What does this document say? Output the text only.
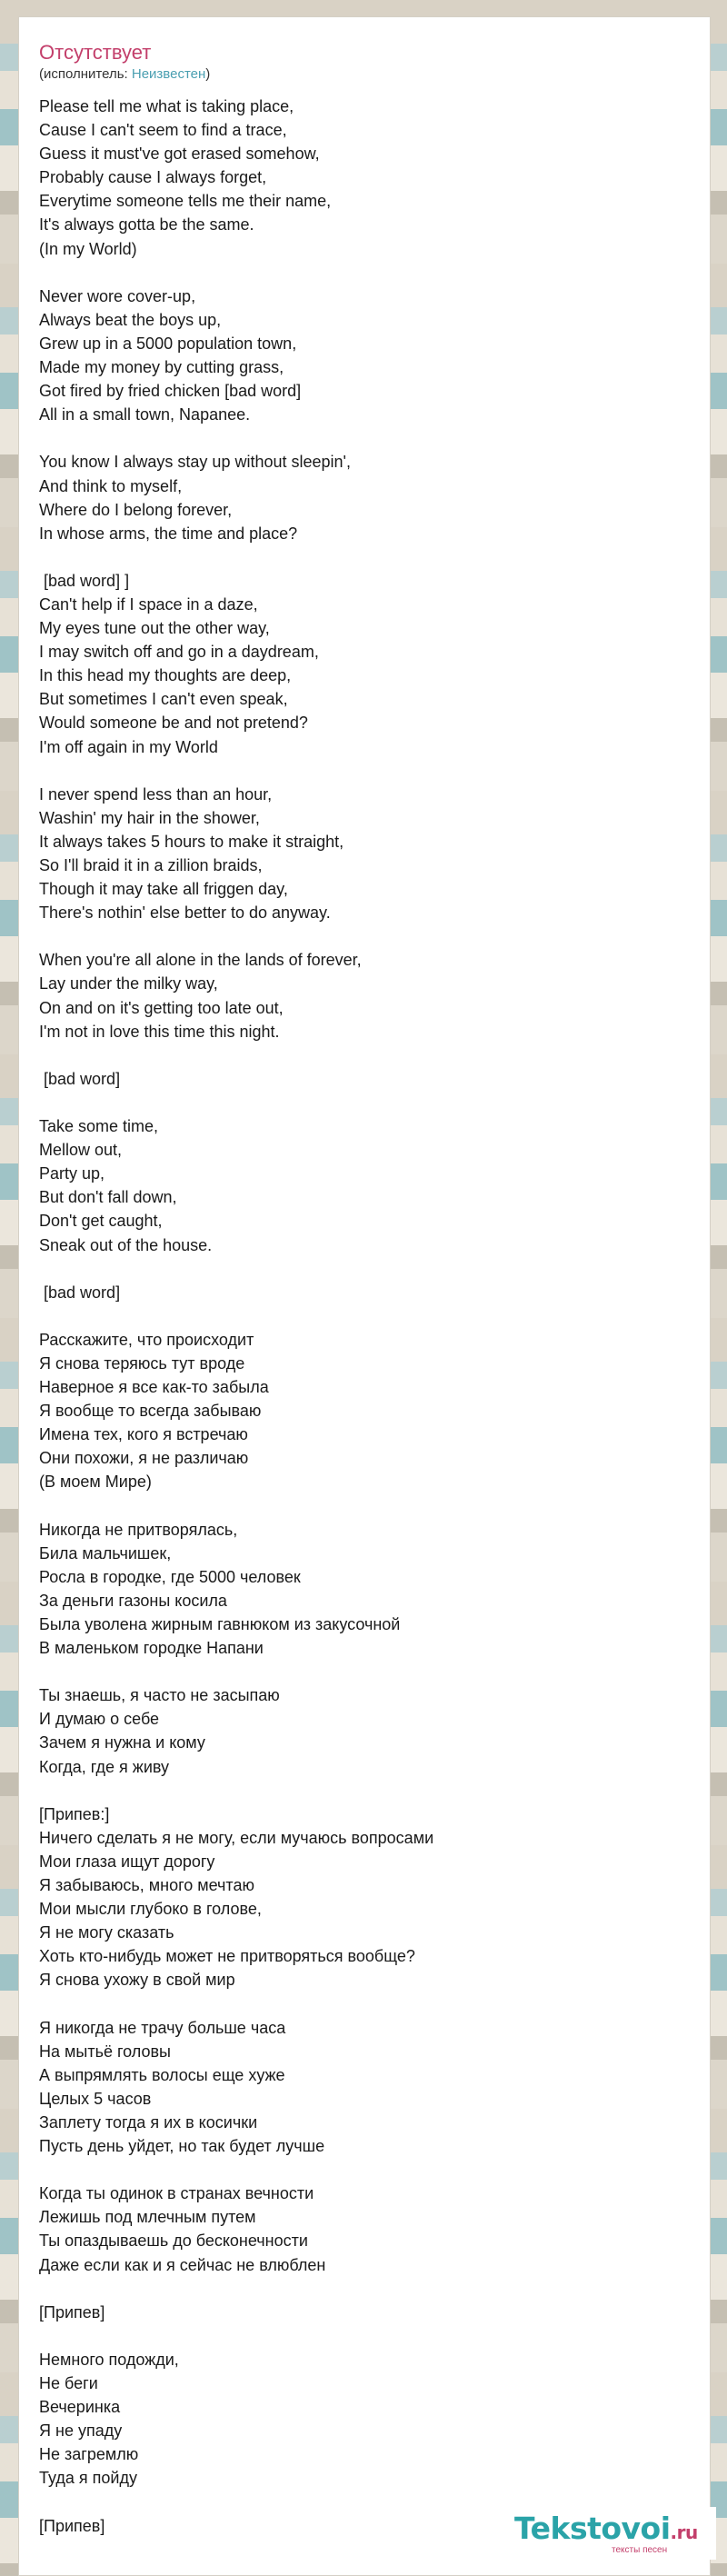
Отсутствует
(исполнитель: Неизвестен)
Please tell me what is taking place,
Cause I can't seem to find a trace,
Guess it must've got erased somehow,
Probably cause I always forget,
Everytime someone tells me their name,
It's always gotta be the same.
(In my World)

Never wore cover-up,
Always beat the boys up,
Grew up in a 5000 population town,
Made my money by cutting grass,
Got fired by fried chicken [bad word]
All in a small town, Napanee.

You know I always stay up without sleepin',
And think to myself,
Where do I belong forever,
In whose arms, the time and place?

[bad word] ]
Can't help if I space in a daze,
My eyes tune out the other way,
I may switch off and go in a daydream,
In this head my thoughts are deep,
But sometimes I can't even speak,
Would someone be and not pretend?
I'm off again in my World

I never spend less than an hour,
Washin' my hair in the shower,
It always takes 5 hours to make it straight,
So I'll braid it in a zillion braids,
Though it may take all friggen day,
There's nothin' else better to do anyway.

When you're all alone in the lands of forever,
Lay under the milky way,
On and on it's getting too late out,
I'm not in love this time this night.

[bad word]

Take some time,
Mellow out,
Party up,
But don't fall down,
Don't get caught,
Sneak out of the house.

[bad word]

Расскажите, что происходит
Я снова теряюсь тут вроде
Наверное я все как-то забыла
Я вообще то всегда забываю
Имена тех, кого я встречаю
Они похожи, я не различаю
(В моем Мире)

Никогда не притворялась,
Била мальчишек,
Росла в городке, где 5000 человек
За деньги газоны косила
Была уволена жирным гавнюком из закусочной
В маленьком городке Напани

Ты знаешь, я часто не засыпаю
И думаю о себе
Зачем я нужна и кому
Когда, где я живу

[Припев:]
Ничего сделать я не могу, если мучаюсь вопросами
Мои глаза ищут дорогу
Я забываюсь, много мечтаю
Мои мысли глубоко в голове,
Я не могу сказать
Хоть кто-нибудь может не притворяться вообще?
Я снова ухожу в свой мир

Я никогда не трачу больше часа
На мытьё головы
А выпрямлять волосы еще хуже
Целых 5 часов
Заплету тогда я их в косички
Пусть день уйдет, но так будет лучше

Когда ты одинок в странах вечности
Лежишь под млечным путем
Ты опаздываешь до бесконечности
Даже если как и я сейчас не влюблен

[Припев]

Немного подожди,
Не беги
Вечеринка
Я не упаду
Не загремлю
Туда я пойду

[Припев]	Tekstovoi.ru
тексты песен
